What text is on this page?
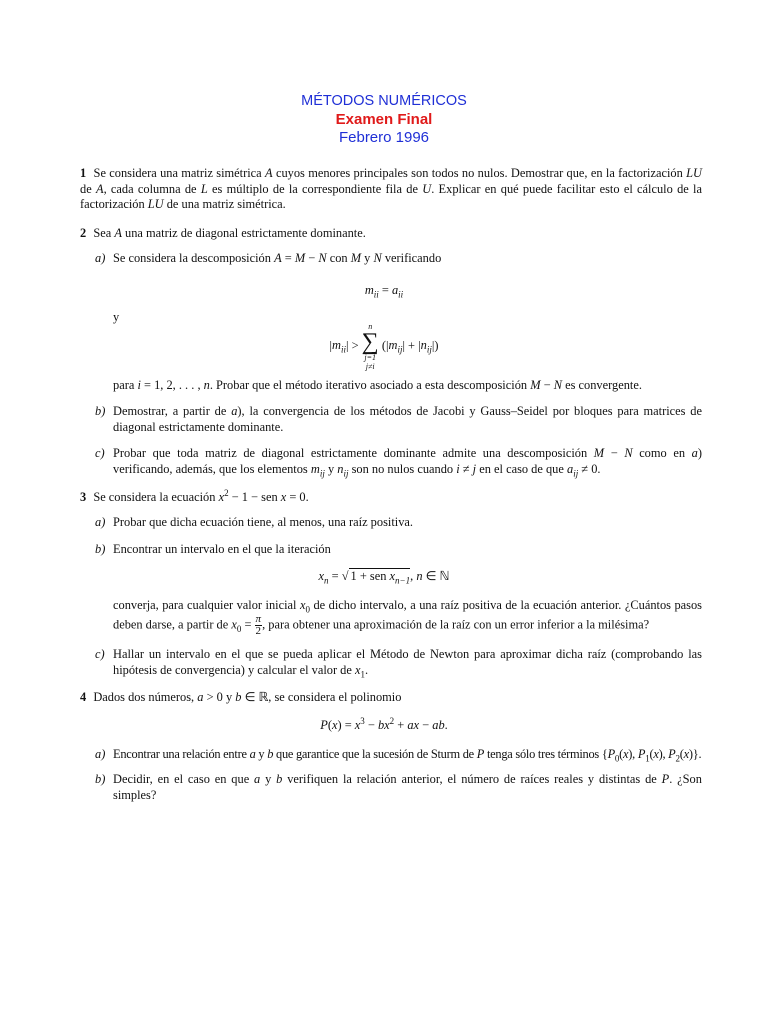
MÉTODOS NUMÉRICOS
Examen Final
Febrero 1996
1 Se considera una matriz simétrica A cuyos menores principales son todos no nulos. Demostrar que, en la factorización LU de A, cada columna de L es múltiplo de la correspondiente fila de U. Explicar en qué puede facilitar esto el cálculo de la factorización LU de una matriz simétrica.
2 Sea A una matriz de diagonal estrictamente dominante.
a) Se considera la descomposición A = M − N con M y N verificando
$m_{ii} = a_{ii}$
y
$|m_{ii}|$ >
n
∑
j=1
j≠i
$(|m_{ij}| + |n_{ij}|)$
para i = 1, 2, . . . , n. Probar que el método iterativo asociado a esta descomposición M − N es convergente.
b) Demostrar, a partir de a), la convergencia de los métodos de Jacobi y Gauss–Seidel por bloques para matrices de diagonal estrictamente dominante.
c) Probar que toda matriz de diagonal estrictamente dominante admite una descomposición M − N como en a) verificando, además, que los elementos $m_{ij}$ y $n_{ij}$ son no nulos cuando i ≠ j en el caso de que $a_{ij} \ne 0$.
3 Se considera la ecuación $x^2 - 1$ − sen x = 0.
a) Probar que dicha ecuación tiene, al menos, una raíz positiva.
b) Encontrar un intervalo en el que la iteración
$x_n$ = √ 1 + sen $x_{n-1}$, n ∈ ℕ
converja, para cualquier valor inicial $x_0$ de dicho intervalo, a una raíz positiva de la ecuación anterior. ¿Cuántos pasos deben darse, a partir de $x_0 = \frac{\pi}{2}$ , para obtener una aproximación de la raíz con un error inferior a la milésima?
c) Hallar un intervalo en el que se pueda aplicar el Método de Newton para aproximar dicha raíz (comprobando las hipótesis de convergencia) y calcular el valor de $x_1$.
4 Dados dos números, a > 0 y b ∈ ℝ, se considera el polinomio
$P(x) = x^3 - bx^2$ + ax − ab.
a) Encontrar una relación entre a y b que garantice que la sucesión de Sturm de P tenga sólo tres términos {$P_0(x)$, $P_1(x)$, $P_2(x)$}.
b) Decidir, en el caso en que a y b verifiquen la relación anterior, el número de raíces reales y distintas de P. ¿Son simples?
